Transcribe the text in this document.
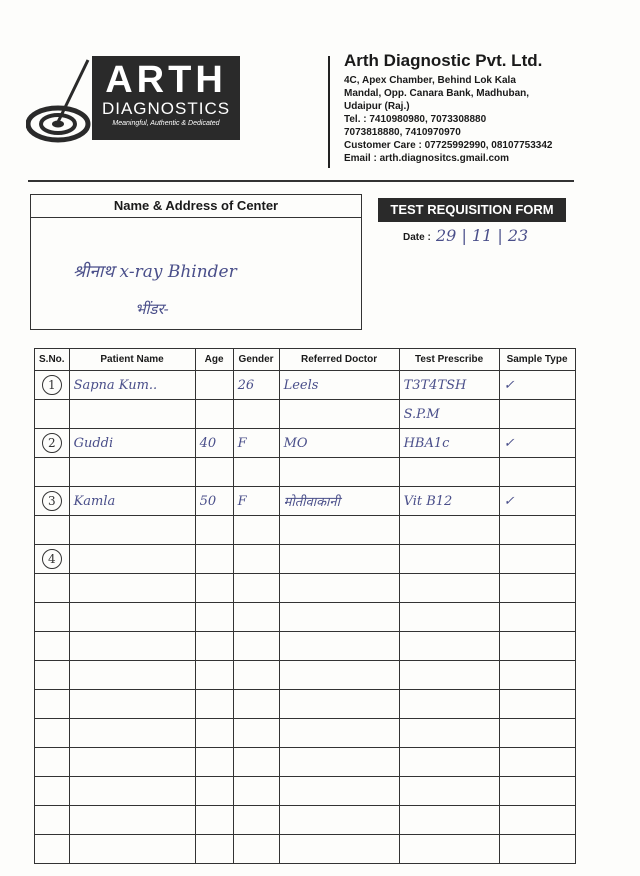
ARTH
DIAGNOSTICS
Meaningful, Authentic & Dedicated
Arth Diagnostic Pvt. Ltd.
4C, Apex Chamber, Behind Lok Kala
Mandal, Opp. Canara Bank, Madhuban,
Udaipur (Raj.)
Tel. : 7410980980, 7073308880
7073818880, 7410970970
Customer Care : 07725992990, 08107753342
Email : arth.diagnositcs.gmail.com
Name & Address of Center
श्रीनाथ x-ray Bhinder
भींडर-
TEST REQUISITION FORM
Date : 29 | 11 | 23
S.No.	Patient Name	Age	Gender	Referred Doctor	Test Prescribe	Sample Type
1	Sapna Kum..		26	Leels	T3T4TSH	✓
					S.P.M	
2	Guddi	40	F	MO	HBA1c	✓

3	Kamla	50	F	मोतीवाकानी	Vit B12	✓

4						
